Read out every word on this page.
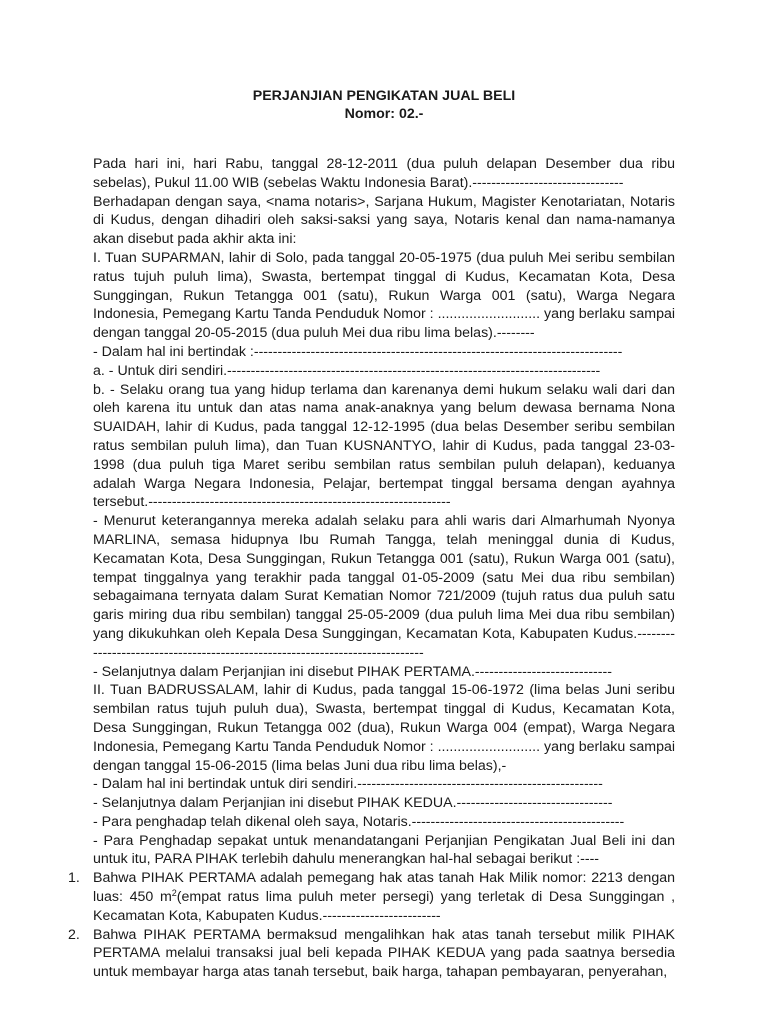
PERJANJIAN PENGIKATAN JUAL BELI
Nomor: 02.-

Pada hari ini, hari Rabu, tanggal 28-12-2011 (dua puluh delapan Desember dua ribu sebelas), Pukul 11.00 WIB (sebelas Waktu Indonesia Barat).--------------------------------

Berhadapan dengan saya, <nama notaris>, Sarjana Hukum, Magister Kenotariatan, Notaris di Kudus, dengan dihadiri oleh saksi-saksi yang saya, Notaris kenal dan nama-namanya akan disebut pada akhir akta ini:

I. Tuan SUPARMAN, lahir di Solo, pada tanggal 20-05-1975 (dua puluh Mei seribu sembilan ratus tujuh puluh lima), Swasta, bertempat tinggal di Kudus, Kecamatan Kota, Desa Sunggingan, Rukun Tetangga 001 (satu), Rukun Warga 001 (satu), Warga Negara Indonesia, Pemegang Kartu Tanda Penduduk Nomor : .......................... yang berlaku sampai dengan tanggal 20-05-2015 (dua puluh Mei dua ribu lima belas).--------

- Dalam hal ini bertindak :------------------------------------------------------------------------------

a. - Untuk diri sendiri.-------------------------------------------------------------------------------

b. - Selaku orang tua yang hidup terlama dan karenanya demi hukum selaku wali dari dan oleh karena itu untuk dan atas nama anak-anaknya yang belum dewasa bernama Nona SUAIDAH, lahir di Kudus, pada tanggal 12-12-1995 (dua belas Desember seribu sembilan ratus sembilan puluh lima), dan Tuan KUSNANTYO, lahir di Kudus, pada tanggal 23-03-1998 (dua puluh tiga Maret seribu sembilan ratus sembilan puluh delapan), keduanya adalah Warga Negara Indonesia, Pelajar, bertempat tinggal bersama dengan ayahnya tersebut.----------------------------------------------------------------

- Menurut keterangannya mereka adalah selaku para ahli waris dari Almarhumah Nyonya MARLINA, semasa hidupnya Ibu Rumah Tangga, telah meninggal dunia di Kudus, Kecamatan Kota, Desa Sunggingan, Rukun Tetangga 001 (satu), Rukun Warga 001 (satu), tempat tinggalnya yang terakhir pada tanggal 01-05-2009 (satu Mei dua ribu sembilan) sebagaimana ternyata dalam Surat Kematian Nomor 721/2009 (tujuh ratus dua puluh satu garis miring dua ribu sembilan) tanggal 25-05-2009 (dua puluh lima Mei dua ribu sembilan) yang dikukuhkan oleh Kepala Desa Sunggingan, Kecamatan Kota, Kabupaten Kudus.------------------------------------------------------------------------------

- Selanjutnya dalam Perjanjian ini disebut PIHAK PERTAMA.-----------------------------

II. Tuan BADRUSSALAM, lahir di Kudus, pada tanggal 15-06-1972 (lima belas Juni seribu sembilan ratus tujuh puluh dua), Swasta, bertempat tinggal di Kudus, Kecamatan Kota, Desa Sunggingan, Rukun Tetangga 002 (dua), Rukun Warga 004 (empat), Warga Negara Indonesia, Pemegang Kartu Tanda Penduduk Nomor : .......................... yang berlaku sampai dengan tanggal 15-06-2015 (lima belas Juni dua ribu lima belas),-

- Dalam hal ini bertindak untuk diri sendiri.----------------------------------------------------

- Selanjutnya dalam Perjanjian ini disebut PIHAK KEDUA.---------------------------------

- Para penghadap telah dikenal oleh saya, Notaris.---------------------------------------------

- Para Penghadap sepakat untuk menandatangani Perjanjian Pengikatan Jual Beli ini dan untuk itu, PARA PIHAK terlebih dahulu menerangkan hal-hal sebagai berikut :----

1. Bahwa PIHAK PERTAMA adalah pemegang hak atas tanah Hak Milik nomor: 2213 dengan luas: 450 $m^2(empat$ ratus lima puluh meter persegi) yang terletak di Desa Sunggingan , Kecamatan Kota, Kabupaten Kudus.-------------------------

2. Bahwa PIHAK PERTAMA bermaksud mengalihkan hak atas tanah tersebut milik PIHAK PERTAMA melalui transaksi jual beli kepada PIHAK KEDUA yang pada saatnya bersedia untuk membayar harga atas tanah tersebut, baik harga, tahapan pembayaran, penyerahan,
